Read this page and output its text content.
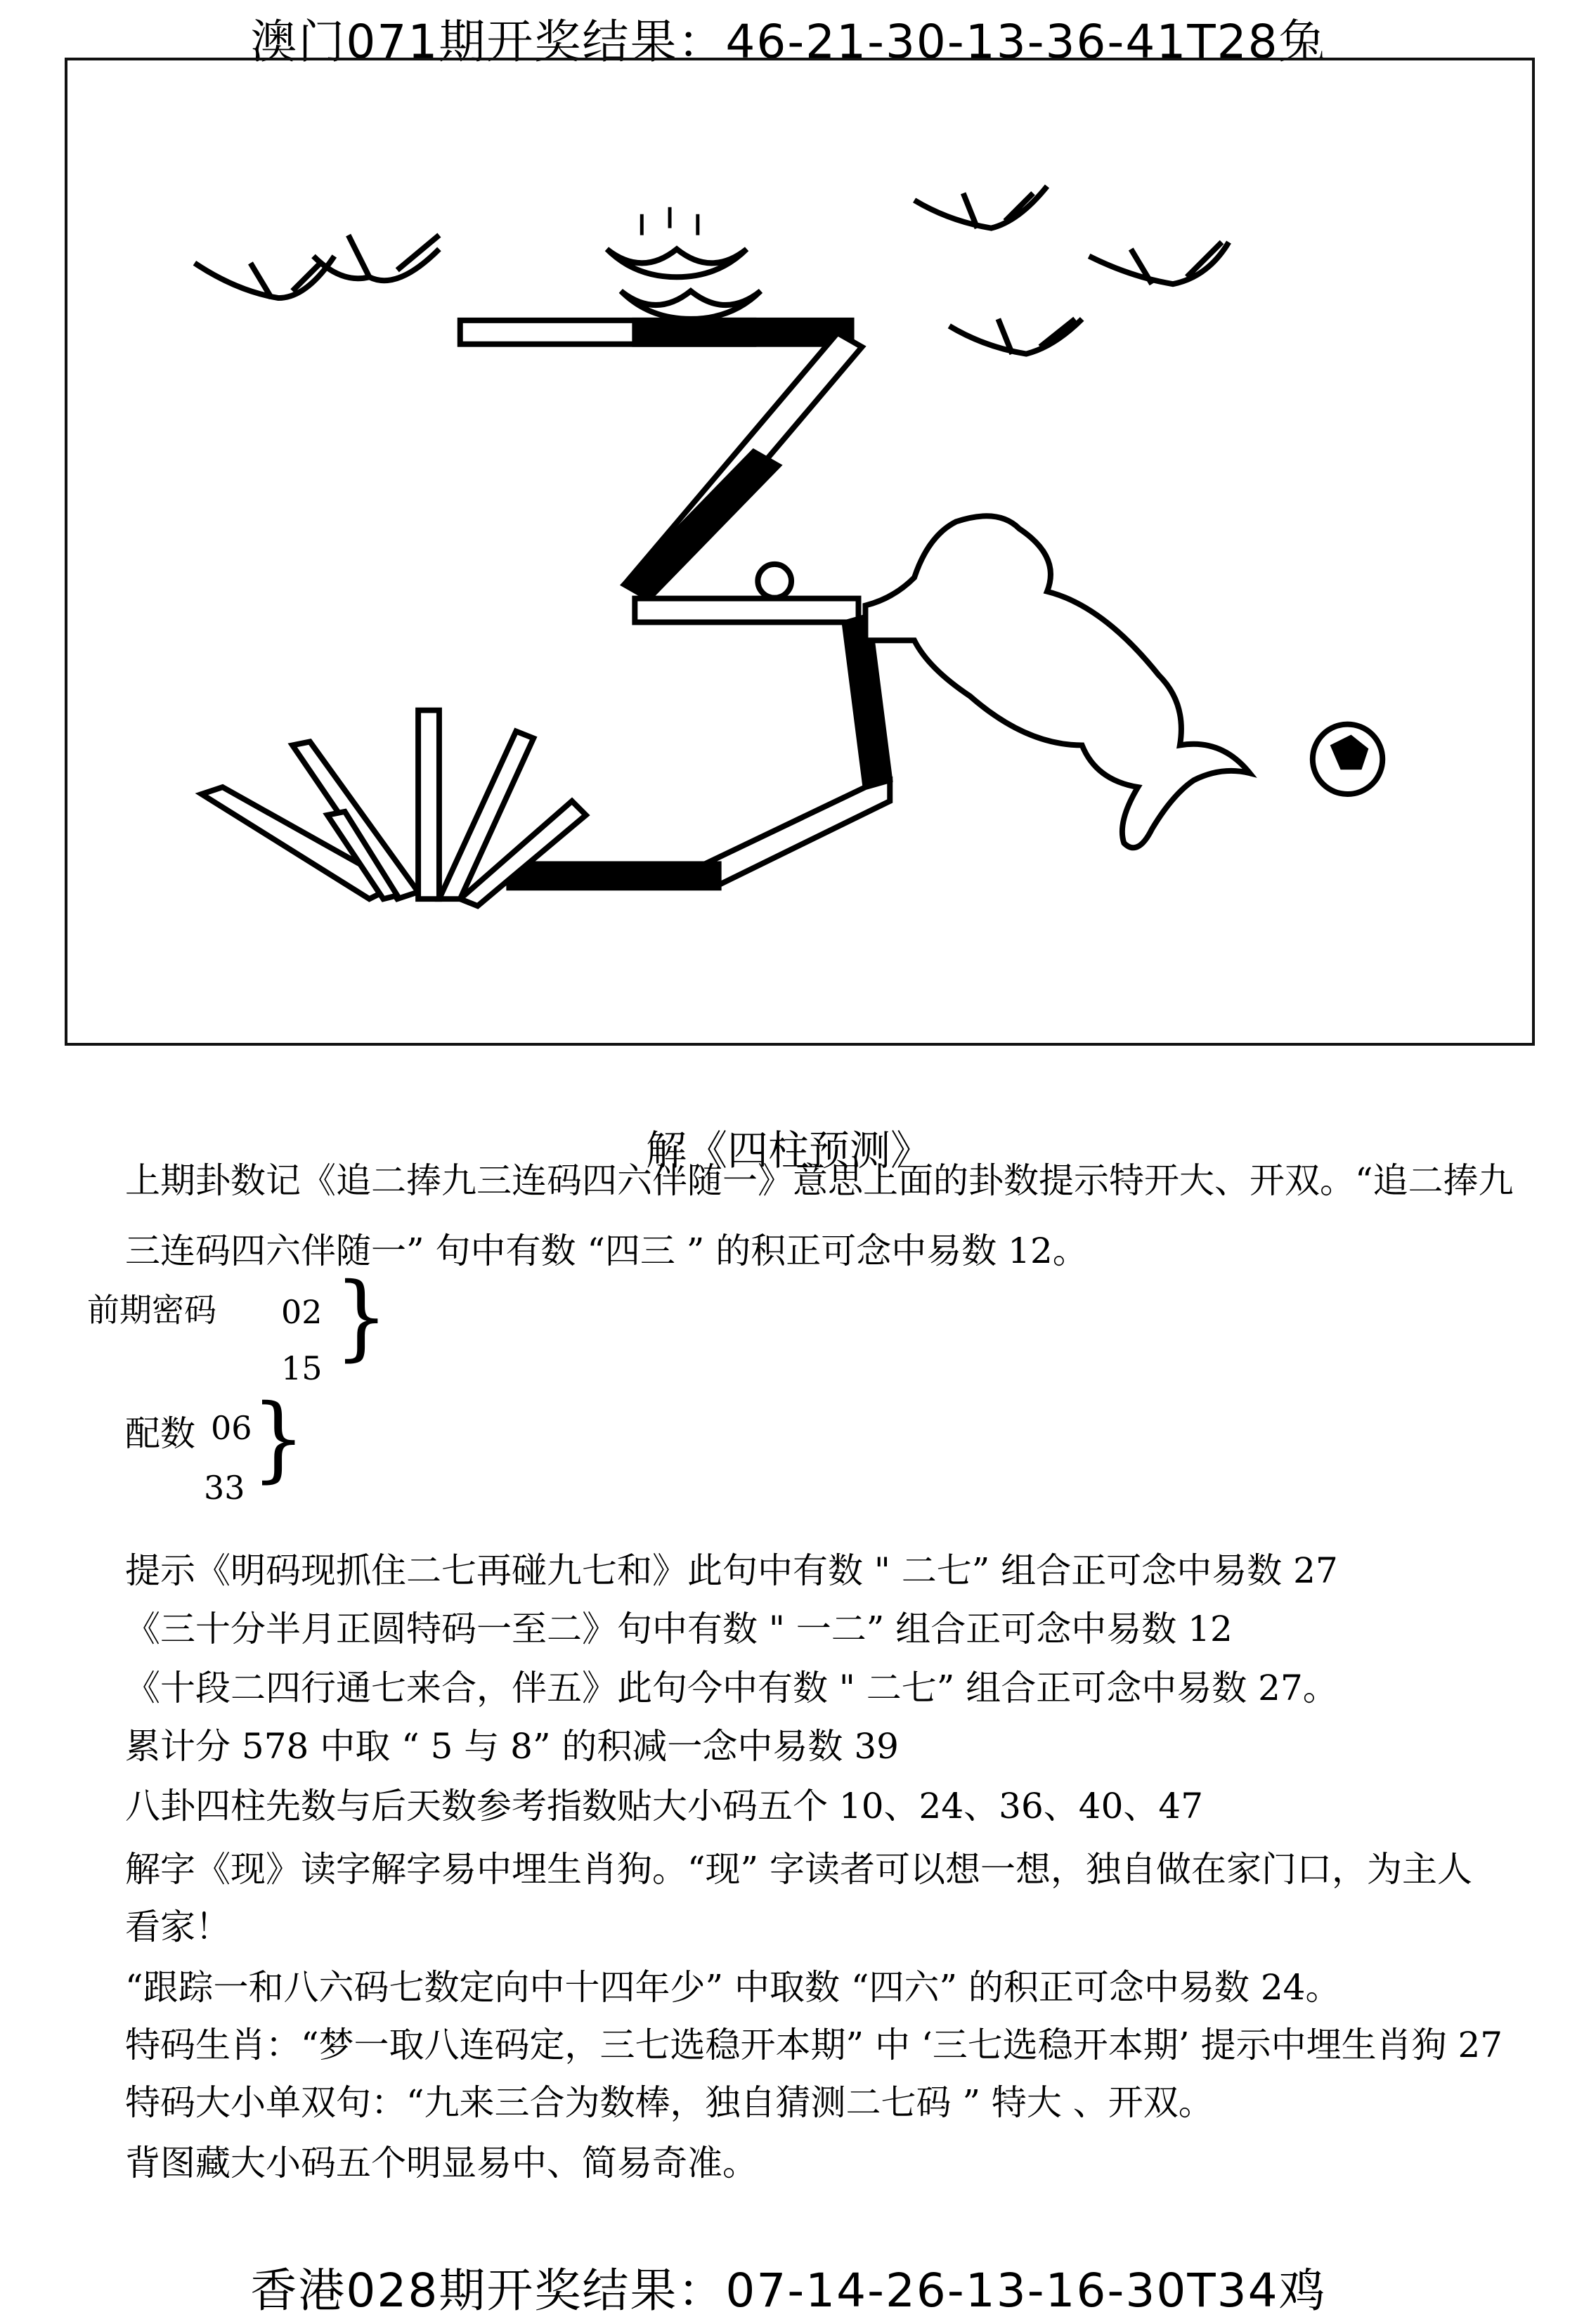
澳门071期开奖结果：46-21-30-13-36-41T28兔
解《四柱预测》
上期卦数记《追二捧九三连码四六伴随一》意思上面的卦数提示特开大、开双。“追二捧九
三连码四六伴随一” 句中有数 “四三 ” 的积正可念中易数 12。
前期密码 02
15 }
配数 06
33 }
提示《明码现抓住二七再碰九七和》此句中有数 " 二七” 组合正可念中易数 27
《三十分半月正圆特码一至二》句中有数 " 一二” 组合正可念中易数 12
《十段二四行通七来合，伴五》此句今中有数 " 二七” 组合正可念中易数 27。
累计分 578 中取 “ 5 与 8” 的积减一念中易数 39
八卦四柱先数与后天数参考指数贴大小码五个 10、24、36、40、47
解字《现》读字解字易中埋生肖狗。“现” 字读者可以想一想，独自做在家门口，为主人
看家！
“跟踪一和八六码七数定向中十四年少” 中取数 “四六” 的积正可念中易数 24。
特码生肖：“梦一取八连码定，三七选稳开本期” 中 ‘三七选稳开本期’ 提示中埋生肖狗 27
特码大小单双句：“九来三合为数棒，独自猜测二七码 ” 特大 、开双。
背图藏大小码五个明显易中、简易奇准。
香港028期开奖结果：07-14-26-13-16-30T34鸡
